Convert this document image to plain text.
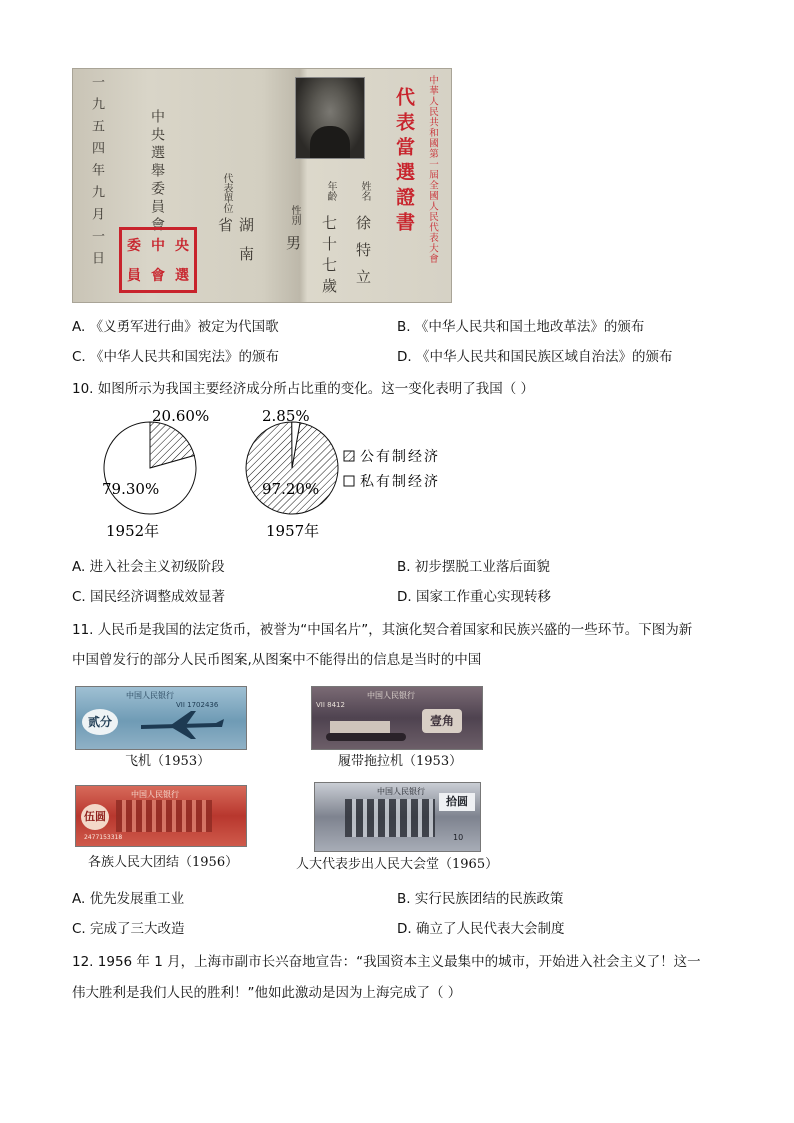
一九五四年九月一日	中央選舉委員會
委 中 央
員 會 選
代表單位
湖南省
性別
男
年齡
七十七歲
姓名
徐特立
代表當選證書	中華人民共和國第一屆全國人民代表大會
A. 《义勇军进行曲》被定为代国歌	B. 《中华人民共和国土地改革法》的颁布
C. 《中华人民共和国宪法》的颁布	D. 《中华人民共和国民族区域自治法》的颁布
10. 如图所示为我国主要经济成分所占比重的变化。这一变化表明了我国（ ）
20.60%
79.30%
1952年
2.85%
97.20%
1957年
公有制经济
私有制经济
A. 进入社会主义初级阶段	B. 初步摆脱工业落后面貌
C. 国民经济调整成效显著	D. 国家工作重心实现转移
11. 人民币是我国的法定货币，被誉为“中国名片”，其演化契合着国家和民族兴盛的一些环节。下图为新
中国曾发行的部分人民币图案,从图案中不能得出的信息是当时的中国
中国人民银行
贰分
VII 1702436
飞机（1953）
中国人民银行
VII 8412
壹角
履带拖拉机（1953）
中国人民银行
伍圆
2477153318
各族人民大团结（1956）
中国人民银行
拾圆
10
人大代表步出人民大会堂（1965）
A. 优先发展重工业	B. 实行民族团结的民族政策
C. 完成了三大改造	D. 确立了人民代表大会制度
12. 1956 年 1 月，上海市副市长兴奋地宣告：“我国资本主义最集中的城市，开始进入社会主义了！这一
伟大胜利是我们人民的胜利！”他如此激动是因为上海完成了（ ）
